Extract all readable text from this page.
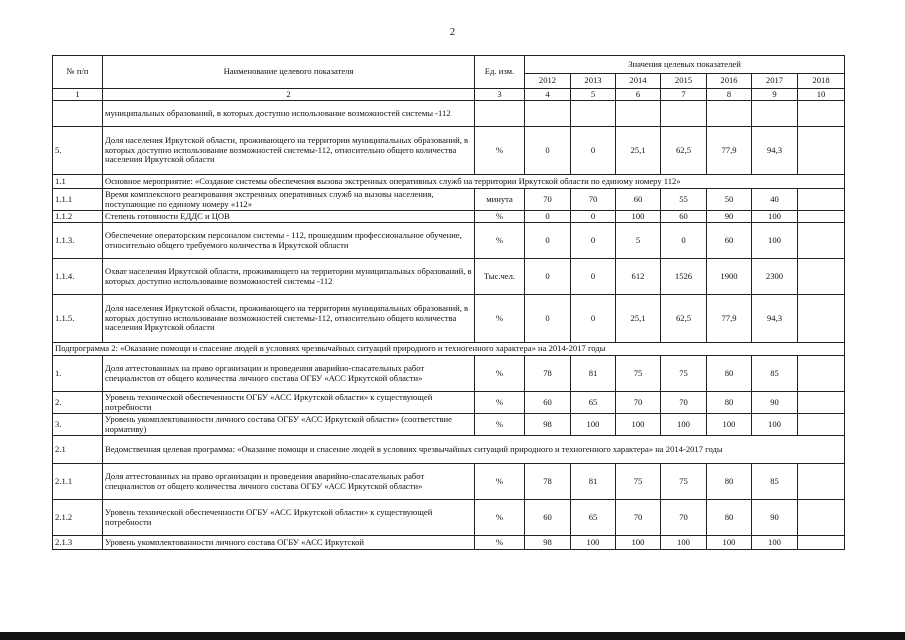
2
№ п/п	Наименование целевого показателя	Ед. изм.	Значения целевых показателей						
			2012	2013	2014	2015	2016	2017	2018
1	2	3	4	5	6	7	8	9	10
	муниципальных образований, в которых доступно использование возможностей системы -112								
5.	Доля населения Иркутской области, проживающего на территории муниципальных образований, в которых доступно использование возможностей системы-112, относительно общего количества населения Иркутской области	%	0	0	25,1	62,5	77,9	94,3	
1.1	Основное мероприятие: «Создание системы обеспечения вызова экстренных оперативных служб на территории Иркутской области по единому номеру 112»								
1.1.1	Время комплексного реагирования экстренных оперативных служб на вызовы населения, поступающие по единому номеру «112»	минута	70	70	60	55	50	40	
1.1.2	Степень готовности ЕДДС и ЦОВ	%	0	0	100	60	90	100	
1.1.3.	Обеспечение операторским персоналом системы - 112, прошедшим профессиональное обучение, относительно общего требуемого количества в Иркутской области	%	0	0	5	0	60	100	
1.1.4.	Охват населения Иркутской области, проживающего на территории муниципальных образований, в которых доступно использование возможностей системы -112	Тыс.чел.	0	0	612	1526	1900	2300	
1.1.5.	Доля населения Иркутской области, проживающего на территории муниципальных образований, в которых доступно использование возможностей системы-112, относительно общего количества населения Иркутской области	%	0	0	25,1	62,5	77,9	94,3	
Подпрограмма 2: «Оказание помощи и спасение людей в условиях чрезвычайных ситуаций природного и техногенного характера» на 2014-2017 годы									
1.	Доля аттестованных на право организации и проведения аварийно-спасательных работ специалистов от общего количества личного состава ОГБУ «АСС Иркутской области»	%	78	81	75	75	80	85	
2.	Уровень технической обеспеченности ОГБУ «АСС Иркутской области» к существующей потребности	%	60	65	70	70	80	90	
3.	Уровень укомплектованности личного состава ОГБУ «АСС Иркутской области» (соответствие нормативу)	%	98	100	100	100	100	100	
2.1	Ведомственная целевая программа: «Оказание помощи и спасение людей в условиях чрезвычайных ситуаций природного и техногенного характера» на 2014-2017 годы								
2.1.1	Доля аттестованных на право организации и проведения аварийно-спасательных работ специалистов от общего количества личного состава ОГБУ «АСС Иркутской области»	%	78	81	75	75	80	85	
2.1.2	Уровень технической обеспеченности ОГБУ «АСС Иркутской области» к существующей потребности	%	60	65	70	70	80	90	
2.1.3	Уровень укомплектованности личного состава ОГБУ «АСС Иркутской	%	98	100	100	100	100	100	
